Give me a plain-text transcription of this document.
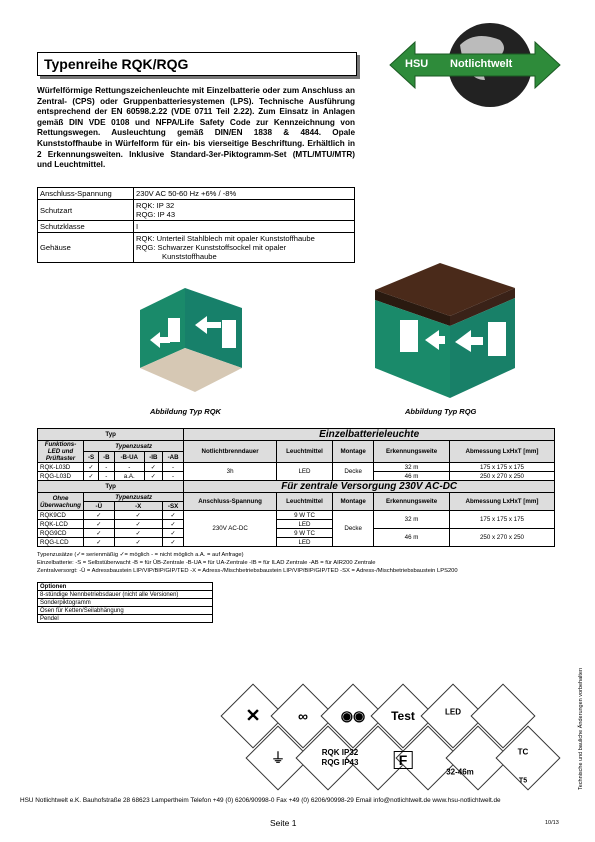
Typenreihe RQK/RQG	HSU Notlichtwelt
Würfelförmige Rettungszeichenleuchte mit Einzelbatterie oder zum Anschluss an Zentral- (CPS) oder Gruppenbatteriesystemen (LPS). Technische Ausführung entsprechend der EN 60598.2.22 (VDE 0711 Teil 2.22). Zum Einsatz in Anlagen gemäß DIN VDE 0108 und NFPA/Life Safety Code zur Kennzeichnung von Rettungswegen. Ausleuchtung gemäß DIN/EN 1838 & 4844. Opale Kunststoffhaube in Würfelform für ein- bis vierseitige Beschriftung. Erhältlich in 2 Erkennungsweiten. Inklusive Standard-3er-Piktogramm-Set (MTL/MTU/MTR) und Leuchtmittel.
Anschluss-Spannung	230V AC 50-60 Hz +6% / -8%
Schutzart	RQK: IP 32
RQG: IP 43

Schutzklasse	I
Gehäuse	RQK: Unterteil Stahlblech mit opaler Kunststoffhaube
RQG: Schwarzer Kunststoffsockel mit opaler
Kunststoffhaube
Abbildung Typ RQK	Abbildung Typ RQG
Typ						Einzelbatterieleuchte				
Funktions-LED und Prüftaster	Typenzusatz					Notlichtbrenndauer	Leuchtmittel	Montage	Erkennungsweite	Abmessung LxHxT [mm]
	-S	-B	-B-UA	-IB	-AB					
RQK-L03D	✓	-	-	✓	-	3h	LED	Decke	32 m	175 x 175 x 175
RQG-L03D	✓	-	a.A.	✓	-				46 m	250 x 270 x 250
Typ						Für zentrale Versorgung 230V AC-DC				
Ohne Überwachung	Typenzusatz					Anschluss-Spannung	Leuchtmittel	Montage	Erkennungsweite	Abmessung LxHxT [mm]
	-Ü		-X		-SX					
RQK9CD	✓		✓		✓	230V AC-DC	9 W TC	Decke	32 m	175 x 175 x 175
RQK-LCD	✓		✓		✓		LED			
RQG9CD	✓		✓		✓		9 W TC		46 m	250 x 270 x 250
RQG-LCD	✓		✓		✓		LED			
Typenzusätze (✓= serienmäßig ✓= möglich - = nicht möglich a.A. = auf Anfrage)
Einzelbatterie: -S = Selbstüberwacht -B = für ÜB-Zentrale -B-UA = für UA-Zentrale -IB = für ILAD Zentrale -AB = für AIR200 Zentrale
Zentralversorgt: -Ü = Adressbaustein LIP/VIP/BIP/GIP/TED -X = Adress-/Mischbetriebsbaustein LIP/VIP/BIP/GIP/TED -SX = Adress-/Mischbetriebsbaustein LPS200
Optionen
8-stündige Nennbetriebsdauer (nicht alle Versionen)
Sonderpiktogramm
Ösen für Ketten/Seilabhängung
Pendel
✕	∞ ◉◉ Test	LED
⏚	RQK IP32
RQG IP43	F
32-46m
TC
T5	Technische und bauliche Änderungen vorbehalten
HSU Notlichtwelt e.K. Bauhofstraße 28 68623 Lampertheim Telefon +49 (0) 6206/90998-0 Fax +49 (0) 6206/90998-29 Email info@notlichtwelt.de www.hsu-notlichtwelt.de
Seite 1	10/13
